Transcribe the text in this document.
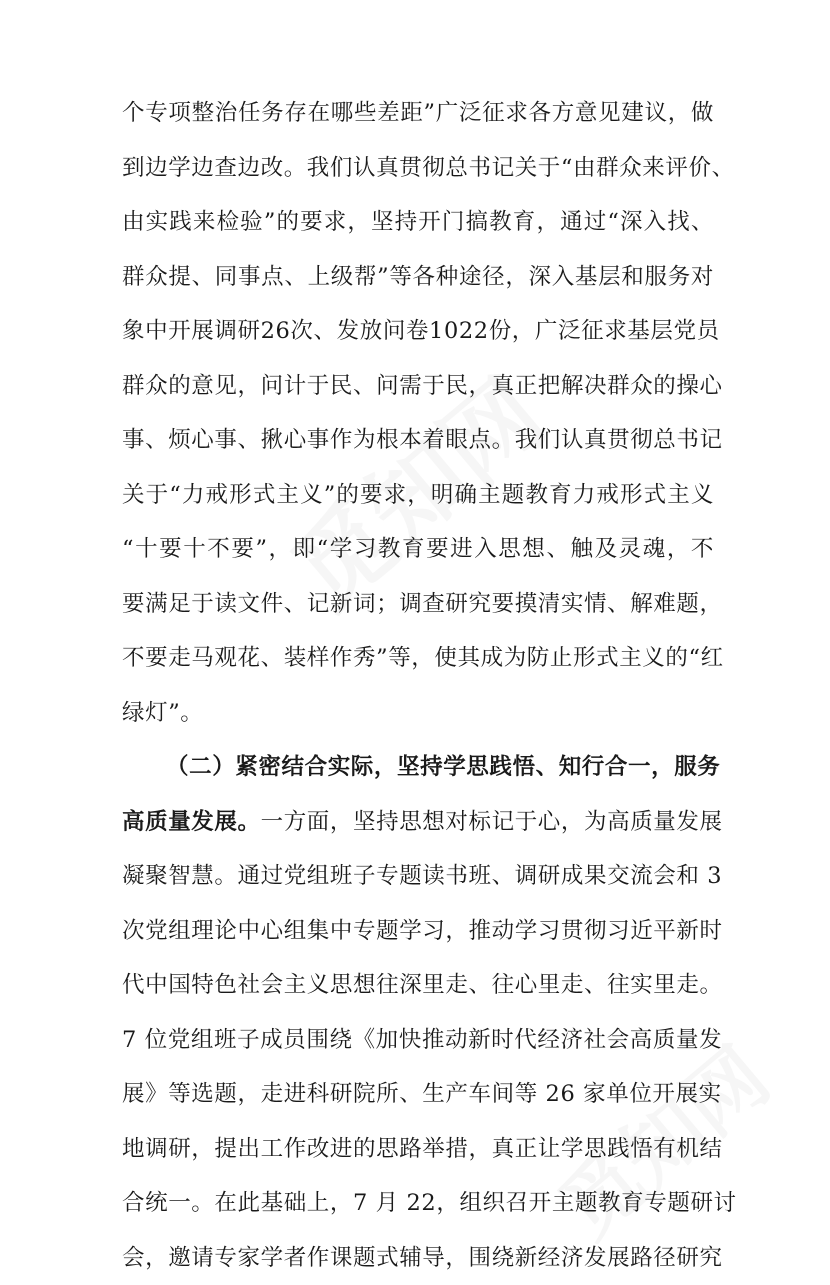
个专项整治任务存在哪些差距”广泛征求各方意见建议，做
到边学边查边改。我们认真贯彻总书记关于“由群众来评价、
由实践来检验”的要求，坚持开门搞教育，通过“深入找、
群众提、同事点、上级帮”等各种途径，深入基层和服务对
象中开展调研26次、发放问卷1022份，广泛征求基层党员
群众的意见，问计于民、问需于民，真正把解决群众的操心
事、烦心事、揪心事作为根本着眼点。我们认真贯彻总书记
关于“力戒形式主义”的要求，明确主题教育力戒形式主义
“十要十不要”，即“学习教育要进入思想、触及灵魂，不
要满足于读文件、记新词；调查研究要摸清实情、解难题，
不要走马观花、装样作秀”等，使其成为防止形式主义的“红
绿灯”。
（二）紧密结合实际，坚持学思践悟、知行合一，服务
高质量发展。一方面，坚持思想对标记于心，为高质量发展
凝聚智慧。通过党组班子专题读书班、调研成果交流会和 3
次党组理论中心组集中专题学习，推动学习贯彻习近平新时
代中国特色社会主义思想往深里走、往心里走、往实里走。
7 位党组班子成员围绕《加快推动新时代经济社会高质量发
展》等选题，走进科研院所、生产车间等 26 家单位开展实
地调研，提出工作改进的思路举措，真正让学思践悟有机结
合统一。在此基础上，7 月 22，组织召开主题教育专题研讨
会，邀请专家学者作课题式辅导，围绕新经济发展路径研究
